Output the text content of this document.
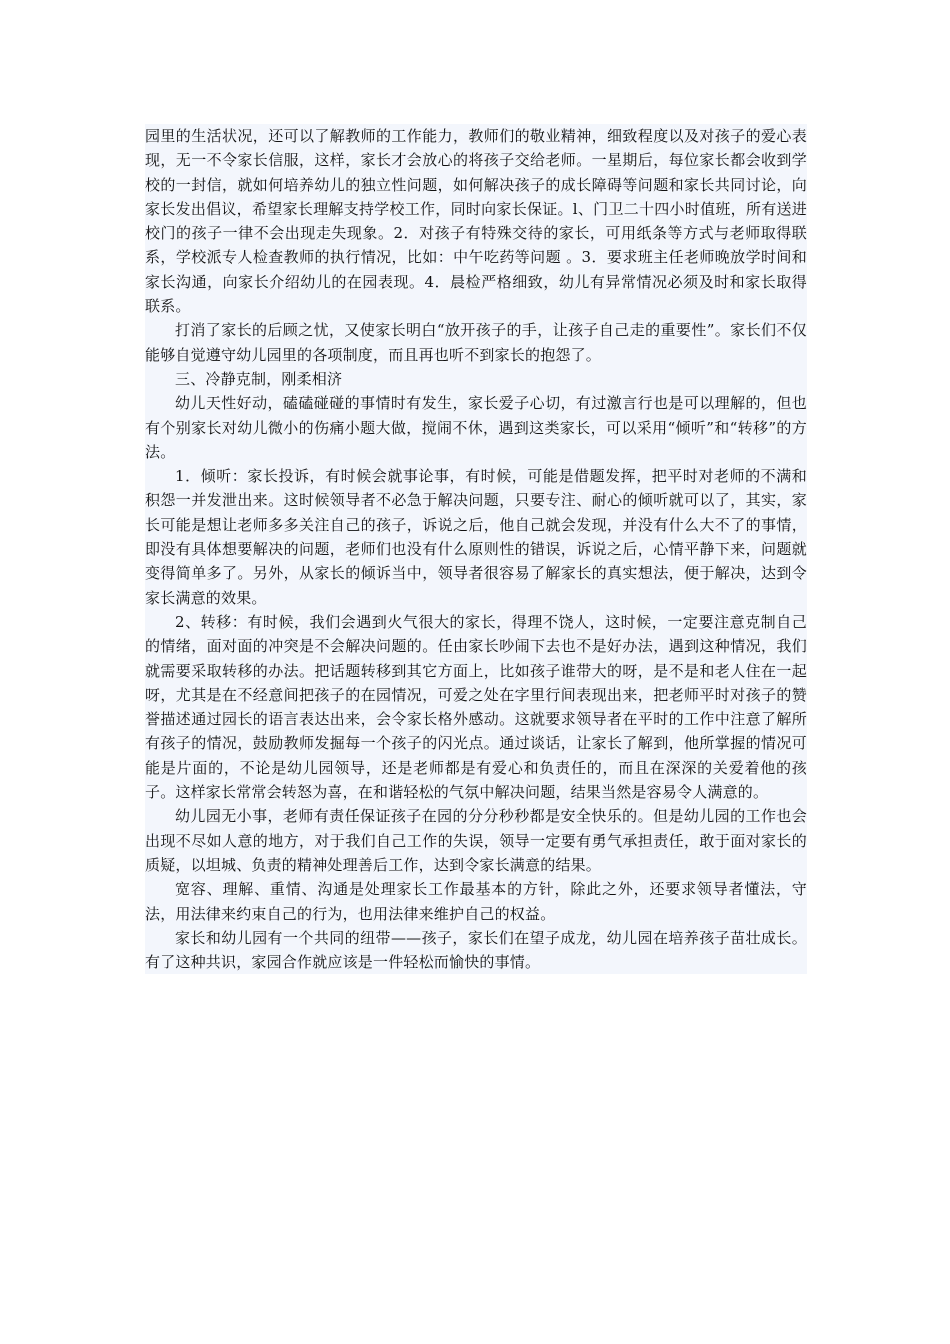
园里的生活状况，还可以了解教师的工作能力，教师们的敬业精神，细致程度以及对孩子的爱心表现，无一不令家长信服，这样，家长才会放心的将孩子交给老师。一星期后，每位家长都会收到学校的一封信，就如何培养幼儿的独立性问题，如何解决孩子的成长障碍等问题和家长共同讨论，向家长发出倡议，希望家长理解支持学校工作，同时向家长保证。l、门卫二十四小时值班，所有送进校门的孩子一律不会出现走失现象。2．对孩子有特殊交待的家长，可用纸条等方式与老师取得联系，学校派专人检查教师的执行情况，比如：中午吃药等问题 。3．要求班主任老师晚放学时间和家长沟通，向家长介绍幼儿的在园表现。4．晨检严格细致，幼儿有异常情况必须及时和家长取得联系。

打消了家长的后顾之忧，又使家长明白“放开孩子的手，让孩子自己走的重要性”。家长们不仅能够自觉遵守幼儿园里的各项制度，而且再也听不到家长的抱怨了。

三、冷静克制，刚柔相济

幼儿天性好动，磕磕碰碰的事情时有发生，家长爱子心切，有过激言行也是可以理解的，但也有个别家长对幼儿微小的伤痛小题大做，搅闹不休，遇到这类家长，可以采用“倾听”和“转移”的方法。

1．倾听：家长投诉，有时候会就事论事，有时候，可能是借题发挥，把平时对老师的不满和积怨一并发泄出来。这时候领导者不必急于解决问题，只要专注、耐心的倾听就可以了，其实，家长可能是想让老师多多关注自己的孩子，诉说之后，他自己就会发现，并没有什么大不了的事情，即没有具体想要解决的问题，老师们也没有什么原则性的错误，诉说之后，心情平静下来，问题就变得简单多了。另外，从家长的倾诉当中，领导者很容易了解家长的真实想法，便于解决，达到令家长满意的效果。

2、转移：有时候，我们会遇到火气很大的家长，得理不饶人，这时候，一定要注意克制自己的情绪，面对面的冲突是不会解决问题的。任由家长吵闹下去也不是好办法，遇到这种情况，我们就需要采取转移的办法。把话题转移到其它方面上，比如孩子谁带大的呀，是不是和老人住在一起呀，尤其是在不经意间把孩子的在园情况，可爱之处在字里行间表现出来，把老师平时对孩子的赞誉描述通过园长的语言表达出来，会令家长格外感动。这就要求领导者在平时的工作中注意了解所有孩子的情况，鼓励教师发掘每一个孩子的闪光点。通过谈话，让家长了解到，他所掌握的情况可能是片面的，不论是幼儿园领导，还是老师都是有爱心和负责任的，而且在深深的关爱着他的孩子。这样家长常常会转怒为喜，在和谐轻松的气氛中解决问题，结果当然是容易令人满意的。

幼儿园无小事，老师有责任保证孩子在园的分分秒秒都是安全快乐的。但是幼儿园的工作也会出现不尽如人意的地方，对于我们自己工作的失误，领导一定要有勇气承担责任，敢于面对家长的质疑，以坦城、负责的精神处理善后工作，达到令家长满意的结果。

宽容、理解、重情、沟通是处理家长工作最基本的方针，除此之外，还要求领导者懂法，守法，用法律来约束自己的行为，也用法律来维护自己的权益。

家长和幼儿园有一个共同的纽带——孩子，家长们在望子成龙，幼儿园在培养孩子苗壮成长。有了这种共识，家园合作就应该是一件轻松而愉快的事情。
